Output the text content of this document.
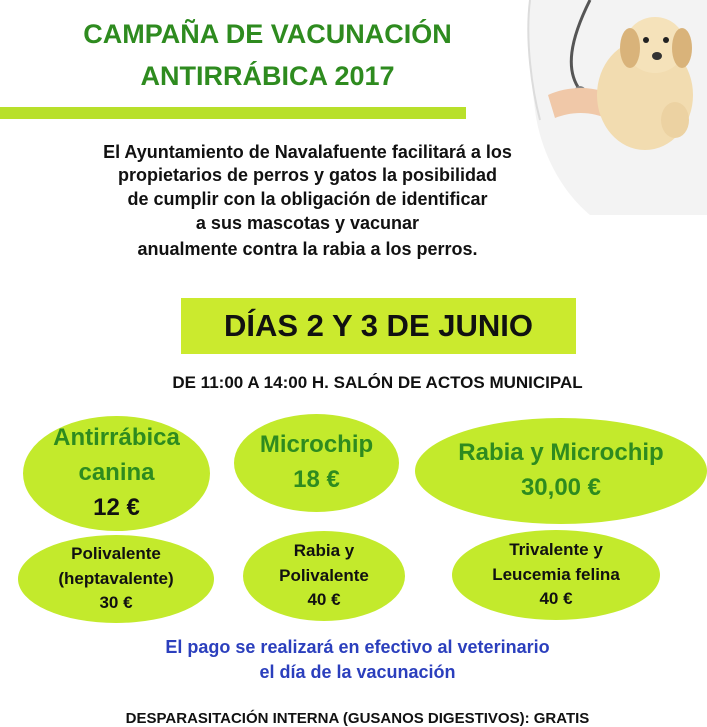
CAMPAÑA DE VACUNACIÓN
ANTIRRÁBICA 2017
El Ayuntamiento de Navalafuente facilitará a los
propietarios de perros y gatos la posibilidad
de cumplir con la obligación de identificar
a sus mascotas y vacunar
anualmente contra la rabia a los perros.
DÍAS 2 Y 3 DE JUNIO
DE 11:00 A 14:00 H. SALÓN DE ACTOS MUNICIPAL
Antirrábica
canina
12 €
Microchip
18 €
Rabia y Microchip
30,00 €
Polivalente
(heptavalente)
30 €
Rabia y
Polivalente
40 €
Trivalente y
Leucemia felina
40 €
El pago se realizará en efectivo al veterinario
el día de la vacunación
DESPARASITACIÓN INTERNA (GUSANOS DIGESTIVOS): GRATIS
